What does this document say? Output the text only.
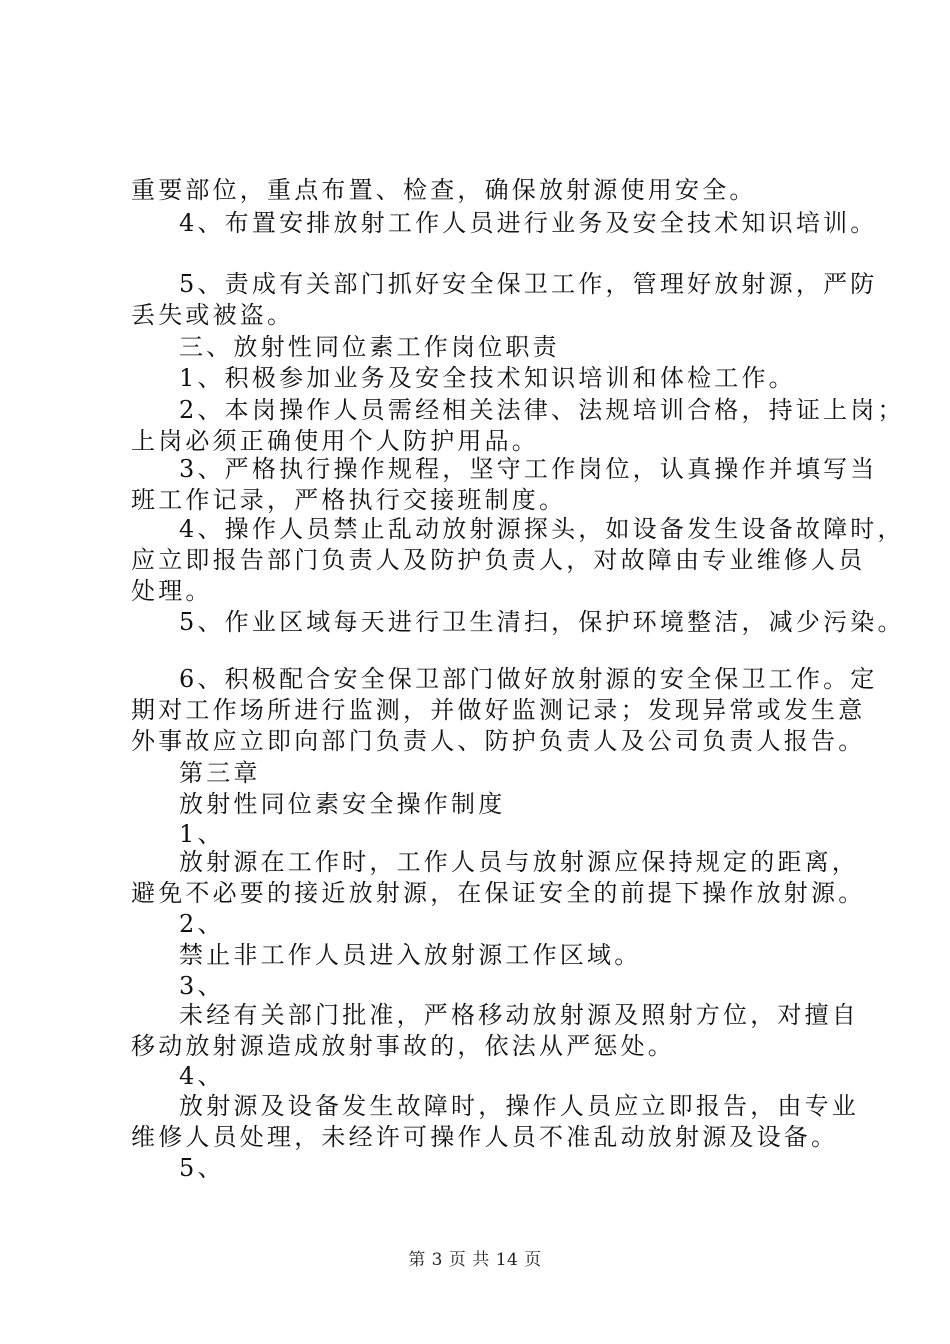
重要部位，重点布置、检查，确保放射源使用安全。
4、布置安排放射工作人员进行业务及安全技术知识培训。
5、责成有关部门抓好安全保卫工作，管理好放射源，严防
丢失或被盗。
三、放射性同位素工作岗位职责
1、积极参加业务及安全技术知识培训和体检工作。
2、本岗操作人员需经相关法律、法规培训合格，持证上岗；
上岗必须正确使用个人防护用品。
3、严格执行操作规程，坚守工作岗位，认真操作并填写当
班工作记录，严格执行交接班制度。
4、操作人员禁止乱动放射源探头，如设备发生设备故障时，
应立即报告部门负责人及防护负责人，对故障由专业维修人员
处理。
5、作业区域每天进行卫生清扫，保护环境整洁，减少污染。
6、积极配合安全保卫部门做好放射源的安全保卫工作。定
期对工作场所进行监测，并做好监测记录；发现异常或发生意
外事故应立即向部门负责人、防护负责人及公司负责人报告。
第三章
放射性同位素安全操作制度
1、
放射源在工作时，工作人员与放射源应保持规定的距离，
避免不必要的接近放射源，在保证安全的前提下操作放射源。
2、
禁止非工作人员进入放射源工作区域。
3、
未经有关部门批准，严格移动放射源及照射方位，对擅自
移动放射源造成放射事故的，依法从严惩处。
4、
放射源及设备发生故障时，操作人员应立即报告，由专业
维修人员处理，未经许可操作人员不准乱动放射源及设备。
5、
第 3 页 共 14 页
